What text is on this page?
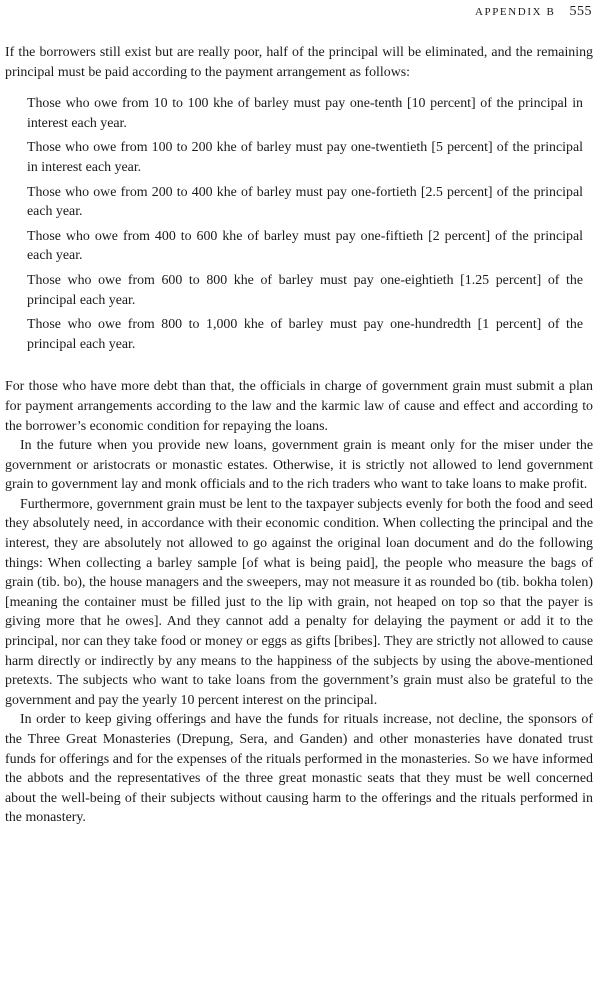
APPENDIX B 555

If the borrowers still exist but are really poor, half of the principal will be eliminated, and the remaining principal must be paid according to the payment arrangement as follows:

Those who owe from 10 to 100 khe of barley must pay one-tenth [10 percent] of the principal in interest each year.

Those who owe from 100 to 200 khe of barley must pay one-twentieth [5 percent] of the principal in interest each year.

Those who owe from 200 to 400 khe of barley must pay one-fortieth [2.5 percent] of the principal each year.

Those who owe from 400 to 600 khe of barley must pay one-fiftieth [2 percent] of the principal each year.

Those who owe from 600 to 800 khe of barley must pay one-eightieth [1.25 percent] of the principal each year.

Those who owe from 800 to 1,000 khe of barley must pay one-hundredth [1 percent] of the principal each year.

For those who have more debt than that, the officials in charge of government grain must submit a plan for payment arrangements according to the law and the karmic law of cause and effect and according to the borrower’s economic condition for repaying the loans.

In the future when you provide new loans, government grain is meant only for the miser under the government or aristocrats or monastic estates. Otherwise, it is strictly not allowed to lend government grain to government lay and monk officials and to the rich traders who want to take loans to make profit.

Furthermore, government grain must be lent to the taxpayer subjects evenly for both the food and seed they absolutely need, in accordance with their economic condition. When collecting the principal and the interest, they are absolutely not allowed to go against the original loan document and do the following things: When collecting a barley sample [of what is being paid], the people who measure the bags of grain (tib. bo), the house managers and the sweepers, may not measure it as rounded bo (tib. bokha tolen) [meaning the container must be filled just to the lip with grain, not heaped on top so that the payer is giving more that he owes]. And they cannot add a penalty for delaying the payment or add it to the principal, nor can they take food or money or eggs as gifts [bribes]. They are strictly not allowed to cause harm directly or indirectly by any means to the happiness of the subjects by using the above-mentioned pretexts. The subjects who want to take loans from the government’s grain must also be grateful to the government and pay the yearly 10 percent interest on the principal.

In order to keep giving offerings and have the funds for rituals increase, not decline, the sponsors of the Three Great Monasteries (Drepung, Sera, and Ganden) and other monasteries have donated trust funds for offerings and for the expenses of the rituals performed in the monasteries. So we have informed the abbots and the representatives of the three great monastic seats that they must be well concerned about the well-being of their subjects without causing harm to the offerings and the rituals performed in the monastery.
